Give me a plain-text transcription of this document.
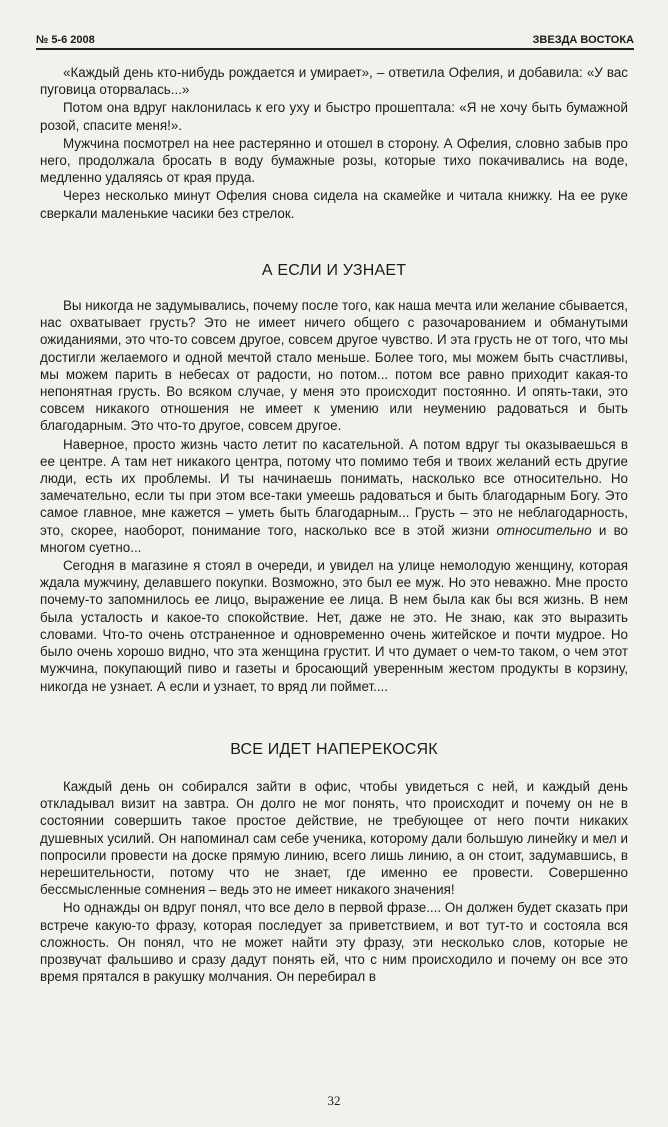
№ 5-6 2008	ЗВЕЗДА ВОСТОКА

«Каждый день кто-нибудь рождается и умирает», – ответила Офелия, и добавила: «У вас пуговица оторвалась...»

Потом она вдруг наклонилась к его уху и быстро прошептала: «Я не хочу быть бумажной розой, спасите меня!».

Мужчина посмотрел на нее растерянно и отошел в сторону. А Офелия, словно забыв про него, продолжала бросать в воду бумажные розы, которые тихо покачивались на воде, медленно удаляясь от края пруда.

Через несколько минут Офелия снова сидела на скамейке и читала книжку. На ее руке сверкали маленькие часики без стрелок.

А ЕСЛИ И УЗНАЕТ

Вы никогда не задумывались, почему после того, как наша мечта или желание сбывается, нас охватывает грусть? Это не имеет ничего общего с разочарованием и обманутыми ожиданиями, это что-то совсем другое, совсем другое чувство. И эта грусть не от того, что мы достигли желаемого и одной мечтой стало меньше. Более того, мы можем быть счастливы, мы можем парить в небесах от радости, но потом... потом все равно приходит какая-то непонятная грусть. Во всяком случае, у меня это происходит постоянно. И опять-таки, это совсем никакого отношения не имеет к умению или неумению радоваться и быть благодарным. Это что-то другое, совсем другое.

Наверное, просто жизнь часто летит по касательной. А потом вдруг ты оказываешься в ее центре. А там нет никакого центра, потому что помимо тебя и твоих желаний есть другие люди, есть их проблемы. И ты начинаешь понимать, насколько все относительно. Но замечательно, если ты при этом все-таки умеешь радоваться и быть благодарным Богу. Это самое главное, мне кажется – уметь быть благодарным... Грусть – это не неблагодарность, это, скорее, наоборот, понимание того, насколько все в этой жизни относительно и во многом суетно...

Сегодня в магазине я стоял в очереди, и увидел на улице немолодую женщину, которая ждала мужчину, делавшего покупки. Возможно, это был ее муж. Но это неважно. Мне просто почему-то запомнилось ее лицо, выражение ее лица. В нем была как бы вся жизнь. В нем была усталость и какое-то спокойствие. Нет, даже не это. Не знаю, как это выразить словами. Что-то очень отстраненное и одновременно очень житейское и почти мудрое. Но было очень хорошо видно, что эта женщина грустит. И что думает о чем-то таком, о чем этот мужчина, покупающий пиво и газеты и бросающий уверенным жестом продукты в корзину, никогда не узнает. А если и узнает, то вряд ли поймет....

ВСЕ ИДЕТ НАПЕРЕКОСЯК

Каждый день он собирался зайти в офис, чтобы увидеться с ней, и каждый день откладывал визит на завтра. Он долго не мог понять, что происходит и почему он не в состоянии совершить такое простое действие, не требующее от него почти никаких душевных усилий. Он напоминал сам себе ученика, которому дали большую линейку и мел и попросили провести на доске прямую линию, всего лишь линию, а он стоит, задумавшись, в нерешительности, потому что не знает, где именно ее провести. Совершенно бессмысленные сомнения – ведь это не имеет никакого значения!

Но однажды он вдруг понял, что все дело в первой фразе.... Он должен будет сказать при встрече какую-то фразу, которая последует за приветствием, и вот тут-то и состояла вся сложность. Он понял, что не может найти эту фразу, эти несколько слов, которые не прозвучат фальшиво и сразу дадут понять ей, что с ним происходило и почему он все это время прятался в ракушку молчания. Он перебирал в

32
